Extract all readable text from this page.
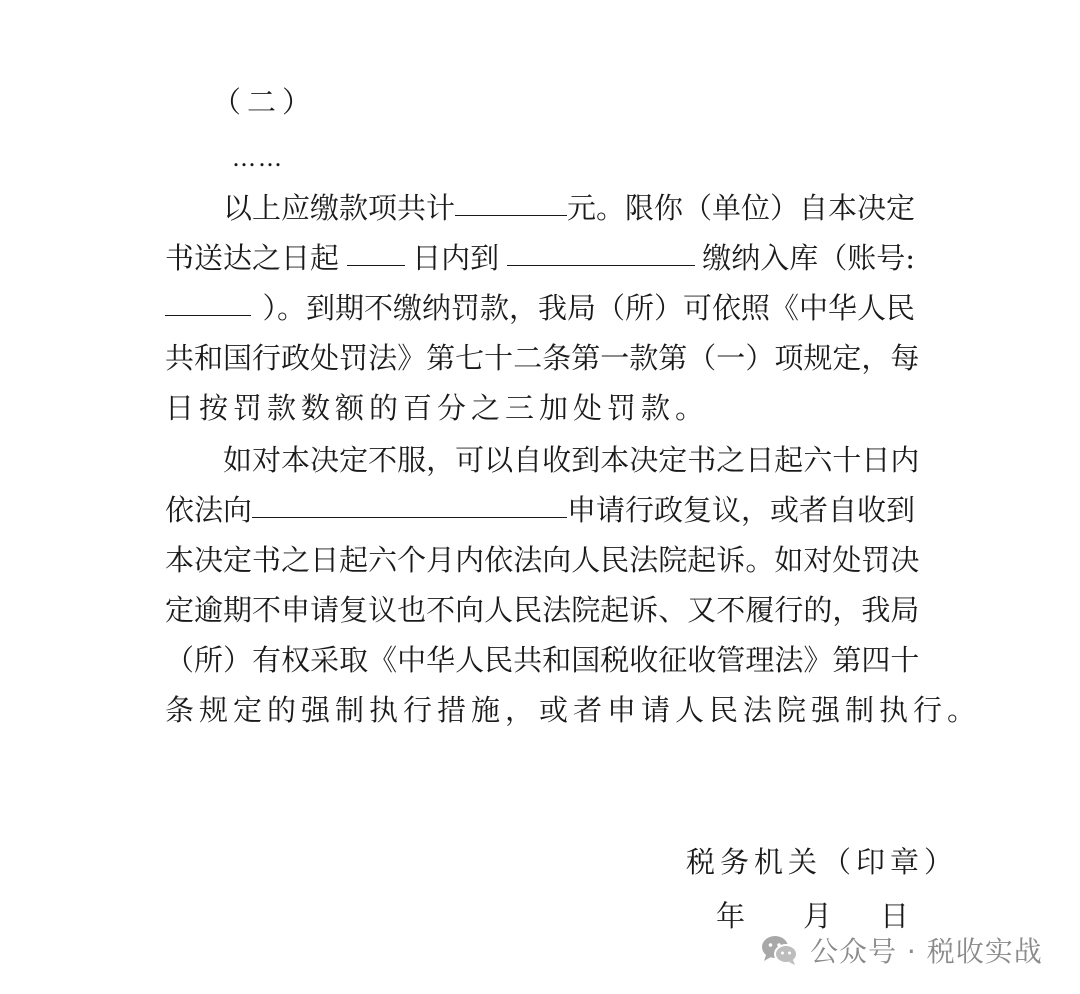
（二）
……
以上应缴款项共计	元。限你（单位）自本决定
书送达之日起	日内到	缴纳入库（账号:
）。到期不缴纳罚款，我局（所）可依照《中华人民
共 和 国 行 政 处 罚 法 》 第 七 十 二 条 第 一 款 第 （ 一 ） 项 规 定 ， 每
日按罚款数额的百分之三加处罚款。
如 对 本 决 定 不 服 ， 可 以 自 收 到 本 决 定 书 之 日 起 六 十 日 内
依法向	申请行政复议，或者自收到
本 决 定 书 之 日 起 六 个 月 内 依 法 向 人 民 法 院 起 诉 。 如 对 处 罚 决
定 逾 期 不 申 请 复 议 也 不 向 人 民 法 院 起 诉 、 又 不 履 行 的 ， 我 局
（ 所 ） 有 权 采 取 《 中 华 人 民 共 和 国 税 收 征 收 管 理 法 》 第 四 十
条规定的强制执行措施，或者申请人民法院强制执行。
税务机关（印章）
年 月 日
公众号 · 税收实战
